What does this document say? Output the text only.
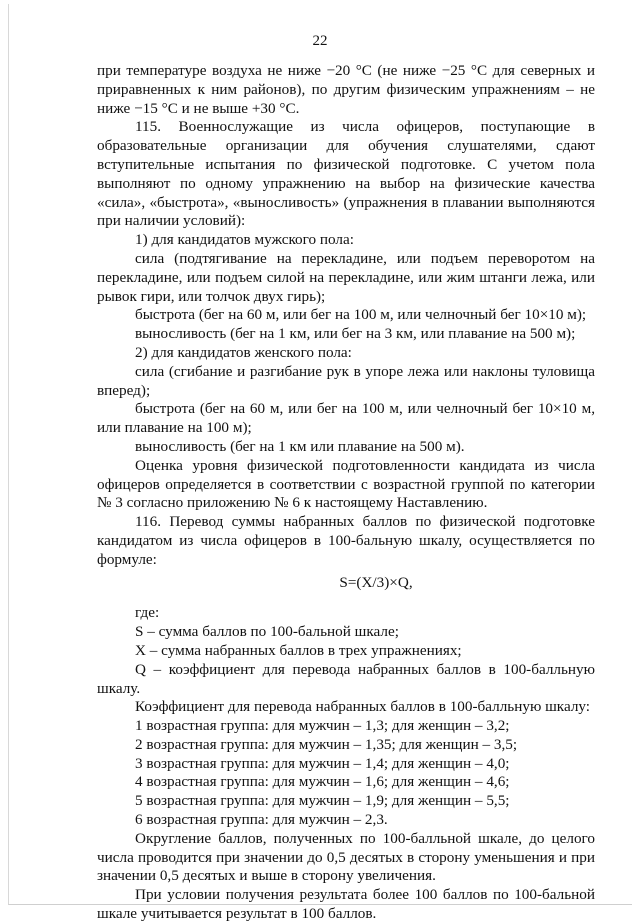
22

при температуре воздуха не ниже −20 °С (не ниже −25 °С для северных и приравненных к ним районов), по другим физическим упражнениям – не ниже −15 °С и не выше +30 °С.

115. Военнослужащие из числа офицеров, поступающие в образовательные организации для обучения слушателями, сдают вступительные испытания по физической подготовке. С учетом пола выполняют по одному упражнению на выбор на физические качества «сила», «быстрота», «выносливость» (упражнения в плавании выполняются при наличии условий):

1) для кандидатов мужского пола:

сила (подтягивание на перекладине, или подъем переворотом на перекладине, или подъем силой на перекладине, или жим штанги лежа, или рывок гири, или толчок двух гирь);

быстрота (бег на 60 м, или бег на 100 м, или челночный бег 10×10 м);

выносливость (бег на 1 км, или бег на 3 км, или плавание на 500 м);

2) для кандидатов женского пола:

сила (сгибание и разгибание рук в упоре лежа или наклоны туловища вперед);

быстрота (бег на 60 м, или бег на 100 м, или челночный бег 10×10 м, или плавание на 100 м);

выносливость (бег на 1 км или плавание на 500 м).

Оценка уровня физической подготовленности кандидата из числа офицеров определяется в соответствии с возрастной группой по категории № 3 согласно приложению № 6 к настоящему Наставлению.

116. Перевод суммы набранных баллов по физической подготовке кандидатом из числа офицеров в 100-бальную шкалу, осуществляется по формуле:

S=(X/3)×Q,

где:

S – сумма баллов по 100-бальной шкале;

X – сумма набранных баллов в трех упражнениях;

Q – коэффициент для перевода набранных баллов в 100-балльную шкалу.

Коэффициент для перевода набранных баллов в 100-балльную шкалу:

1 возрастная группа: для мужчин – 1,3; для женщин – 3,2;

2 возрастная группа: для мужчин – 1,35; для женщин – 3,5;

3 возрастная группа: для мужчин – 1,4; для женщин – 4,0;

4 возрастная группа: для мужчин – 1,6; для женщин – 4,6;

5 возрастная группа: для мужчин – 1,9; для женщин – 5,5;

6 возрастная группа: для мужчин – 2,3.

Округление баллов, полученных по 100-балльной шкале, до целого числа проводится при значении до 0,5 десятых в сторону уменьшения и при значении 0,5 десятых и выше в сторону увеличения.

При условии получения результата более 100 баллов по 100-бальной шкале учитывается результат в 100 баллов.
